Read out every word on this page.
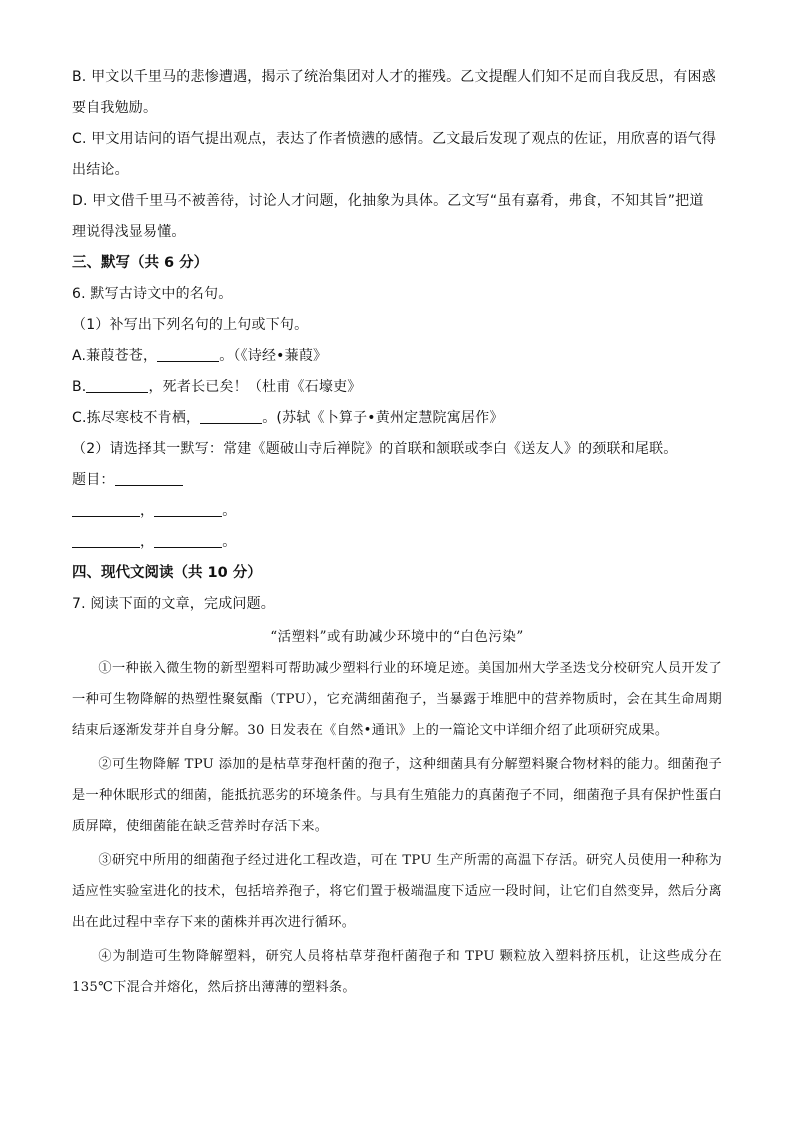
B. 甲文以千里马的悲惨遭遇，揭示了统治集团对人才的摧残。乙文提醒人们知不足而自我反思，有困惑
要自我勉励。
C. 甲文用诘问的语气提出观点，表达了作者愤懑的感情。乙文最后发现了观点的佐证，用欣喜的语气得
出结论。
D. 甲文借千里马不被善待，讨论人才问题，化抽象为具体。乙文写“虽有嘉肴，弗食，不知其旨”把道
理说得浅显易懂。
三、默写（共 6 分）
6. 默写古诗文中的名句。
（1）补写出下列名句的上句或下句。
A.蒹葭苍苍，	。（《诗经•蒹葭》
B.	，死者长已矣！（杜甫《石壕吏》
C.拣尽寒枝不肯栖，	。(苏轼《卜算子•黄州定慧院寓居作》
（2）请选择其一默写：常建《题破山寺后禅院》的首联和颔联或李白《送友人》的颈联和尾联。
题目：
，	。
，	。
四、现代文阅读（共 10 分）
7. 阅读下面的文章，完成问题。
“活塑料”或有助减少环境中的“白色污染”

①一种嵌入微生物的新型塑料可帮助减少塑料行业的环境足迹。美国加州大学圣迭戈分校研究人员开发了一种可生物降解的热塑性聚氨酯（TPU），它充满细菌孢子，当暴露于堆肥中的营养物质时，会在其生命周期结束后逐渐发芽并自身分解。30 日发表在《自然•通讯》上的一篇论文中详细介绍了此项研究成果。

②可生物降解 TPU 添加的是枯草芽孢杆菌的孢子，这种细菌具有分解塑料聚合物材料的能力。细菌孢子是一种休眠形式的细菌，能抵抗恶劣的环境条件。与具有生殖能力的真菌孢子不同，细菌孢子具有保护性蛋白质屏障，使细菌能在缺乏营养时存活下来。

③研究中所用的细菌孢子经过进化工程改造，可在 TPU 生产所需的高温下存活。研究人员使用一种称为适应性实验室进化的技术，包括培养孢子，将它们置于极端温度下适应一段时间，让它们自然变异，然后分离出在此过程中幸存下来的菌株并再次进行循环。

④为制造可生物降解塑料，研究人员将枯草芽孢杆菌孢子和 TPU 颗粒放入塑料挤压机，让这些成分在135℃下混合并熔化，然后挤出薄薄的塑料条。
